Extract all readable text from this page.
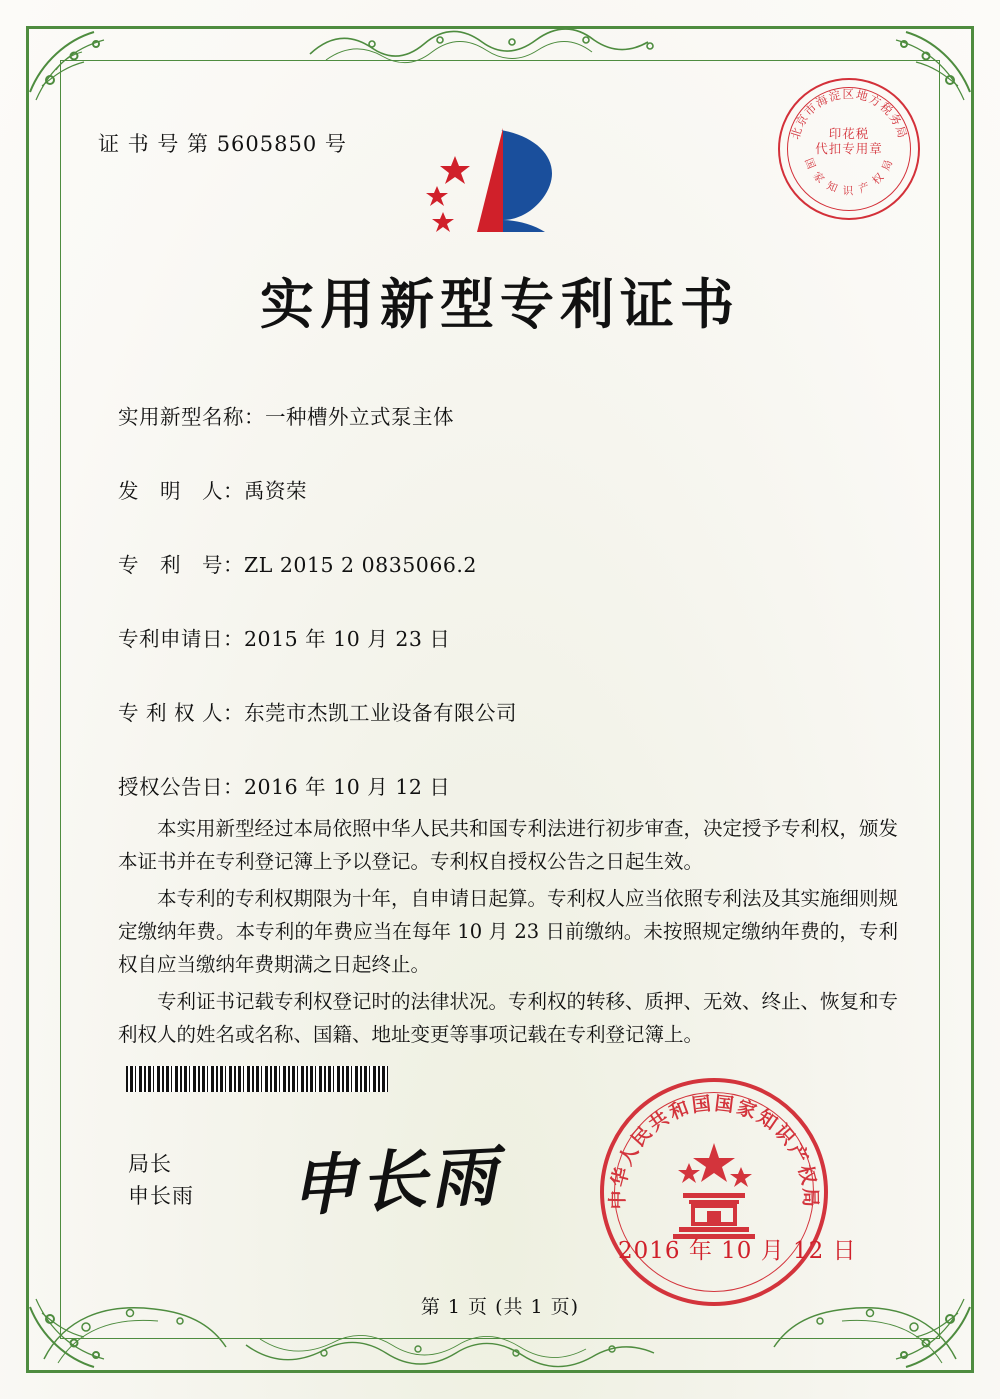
证 书 号 第 5605850 号	北京市海淀区地方税务局
国 家 知 识 产 权 局
印花税
代扣专用章
实用新型专利证书
实用新型名称：一种槽外立式泵主体
发　明　人：禹资荣
专　利　号：ZL 2015 2 0835066.2
专利申请日：2015 年 10 月 23 日
专 利 权 人：东莞市杰凯工业设备有限公司
授权公告日：2016 年 10 月 12 日

本实用新型经过本局依照中华人民共和国专利法进行初步审查，决定授予专利权，颁发本证书并在专利登记簿上予以登记。专利权自授权公告之日起生效。

本专利的专利权期限为十年，自申请日起算。专利权人应当依照专利法及其实施细则规定缴纳年费。本专利的年费应当在每年 10 月 23 日前缴纳。未按照规定缴纳年费的，专利权自应当缴纳年费期满之日起终止。

专利证书记载专利权登记时的法律状况。专利权的转移、质押、无效、终止、恢复和专利权人的姓名或名称、国籍、地址变更等事项记载在专利登记簿上。

局长
申长雨 申长雨	中华人民共和国国家知识产权局
2016 年 10 月 12 日
第 1 页 (共 1 页)
